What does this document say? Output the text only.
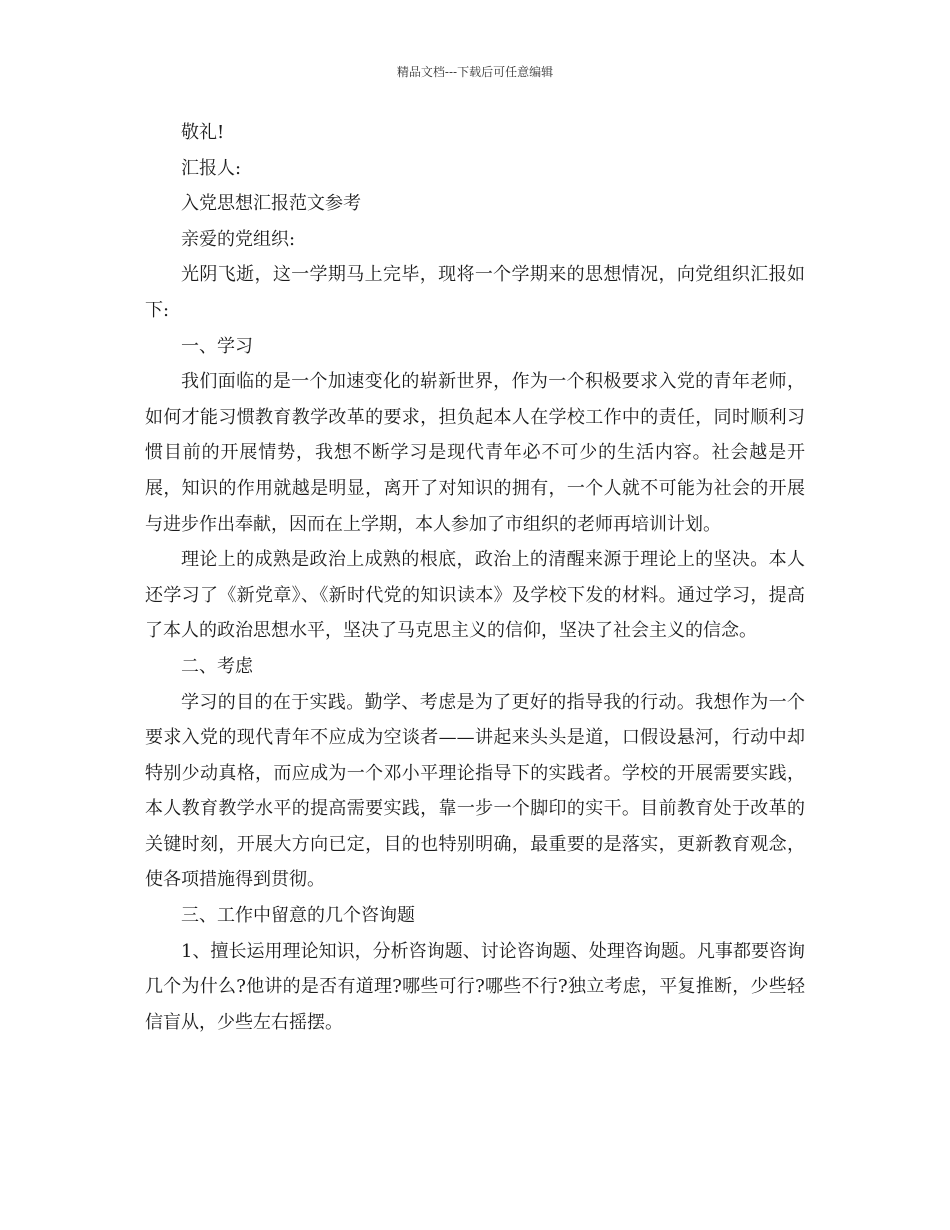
精品文档---下载后可任意编辑

敬礼!

汇报人:

入党思想汇报范文参考

亲爱的党组织:

光阴飞逝，这一学期马上完毕，现将一个学期来的思想情况，向党组织汇报如下:

一、学习

我们面临的是一个加速变化的崭新世界，作为一个积极要求入党的青年老师，如何才能习惯教育教学改革的要求，担负起本人在学校工作中的责任，同时顺利习惯目前的开展情势，我想不断学习是现代青年必不可少的生活内容。社会越是开展，知识的作用就越是明显，离开了对知识的拥有，一个人就不可能为社会的开展与进步作出奉献，因而在上学期，本人参加了市组织的老师再培训计划。

理论上的成熟是政治上成熟的根底，政治上的清醒来源于理论上的坚决。本人还学习了《新党章》、《新时代党的知识读本》及学校下发的材料。通过学习，提高了本人的政治思想水平，坚决了马克思主义的信仰，坚决了社会主义的信念。

二、考虑

学习的目的在于实践。勤学、考虑是为了更好的指导我的行动。我想作为一个要求入党的现代青年不应成为空谈者——讲起来头头是道，口假设悬河，行动中却特别少动真格，而应成为一个邓小平理论指导下的实践者。学校的开展需要实践，本人教育教学水平的提高需要实践，靠一步一个脚印的实干。目前教育处于改革的关键时刻，开展大方向已定，目的也特别明确，最重要的是落实，更新教育观念，使各项措施得到贯彻。

三、工作中留意的几个咨询题

1、擅长运用理论知识，分析咨询题、讨论咨询题、处理咨询题。凡事都要咨询几个为什么?他讲的是否有道理?哪些可行?哪些不行?独立考虑，平复推断，少些轻信盲从，少些左右摇摆。
